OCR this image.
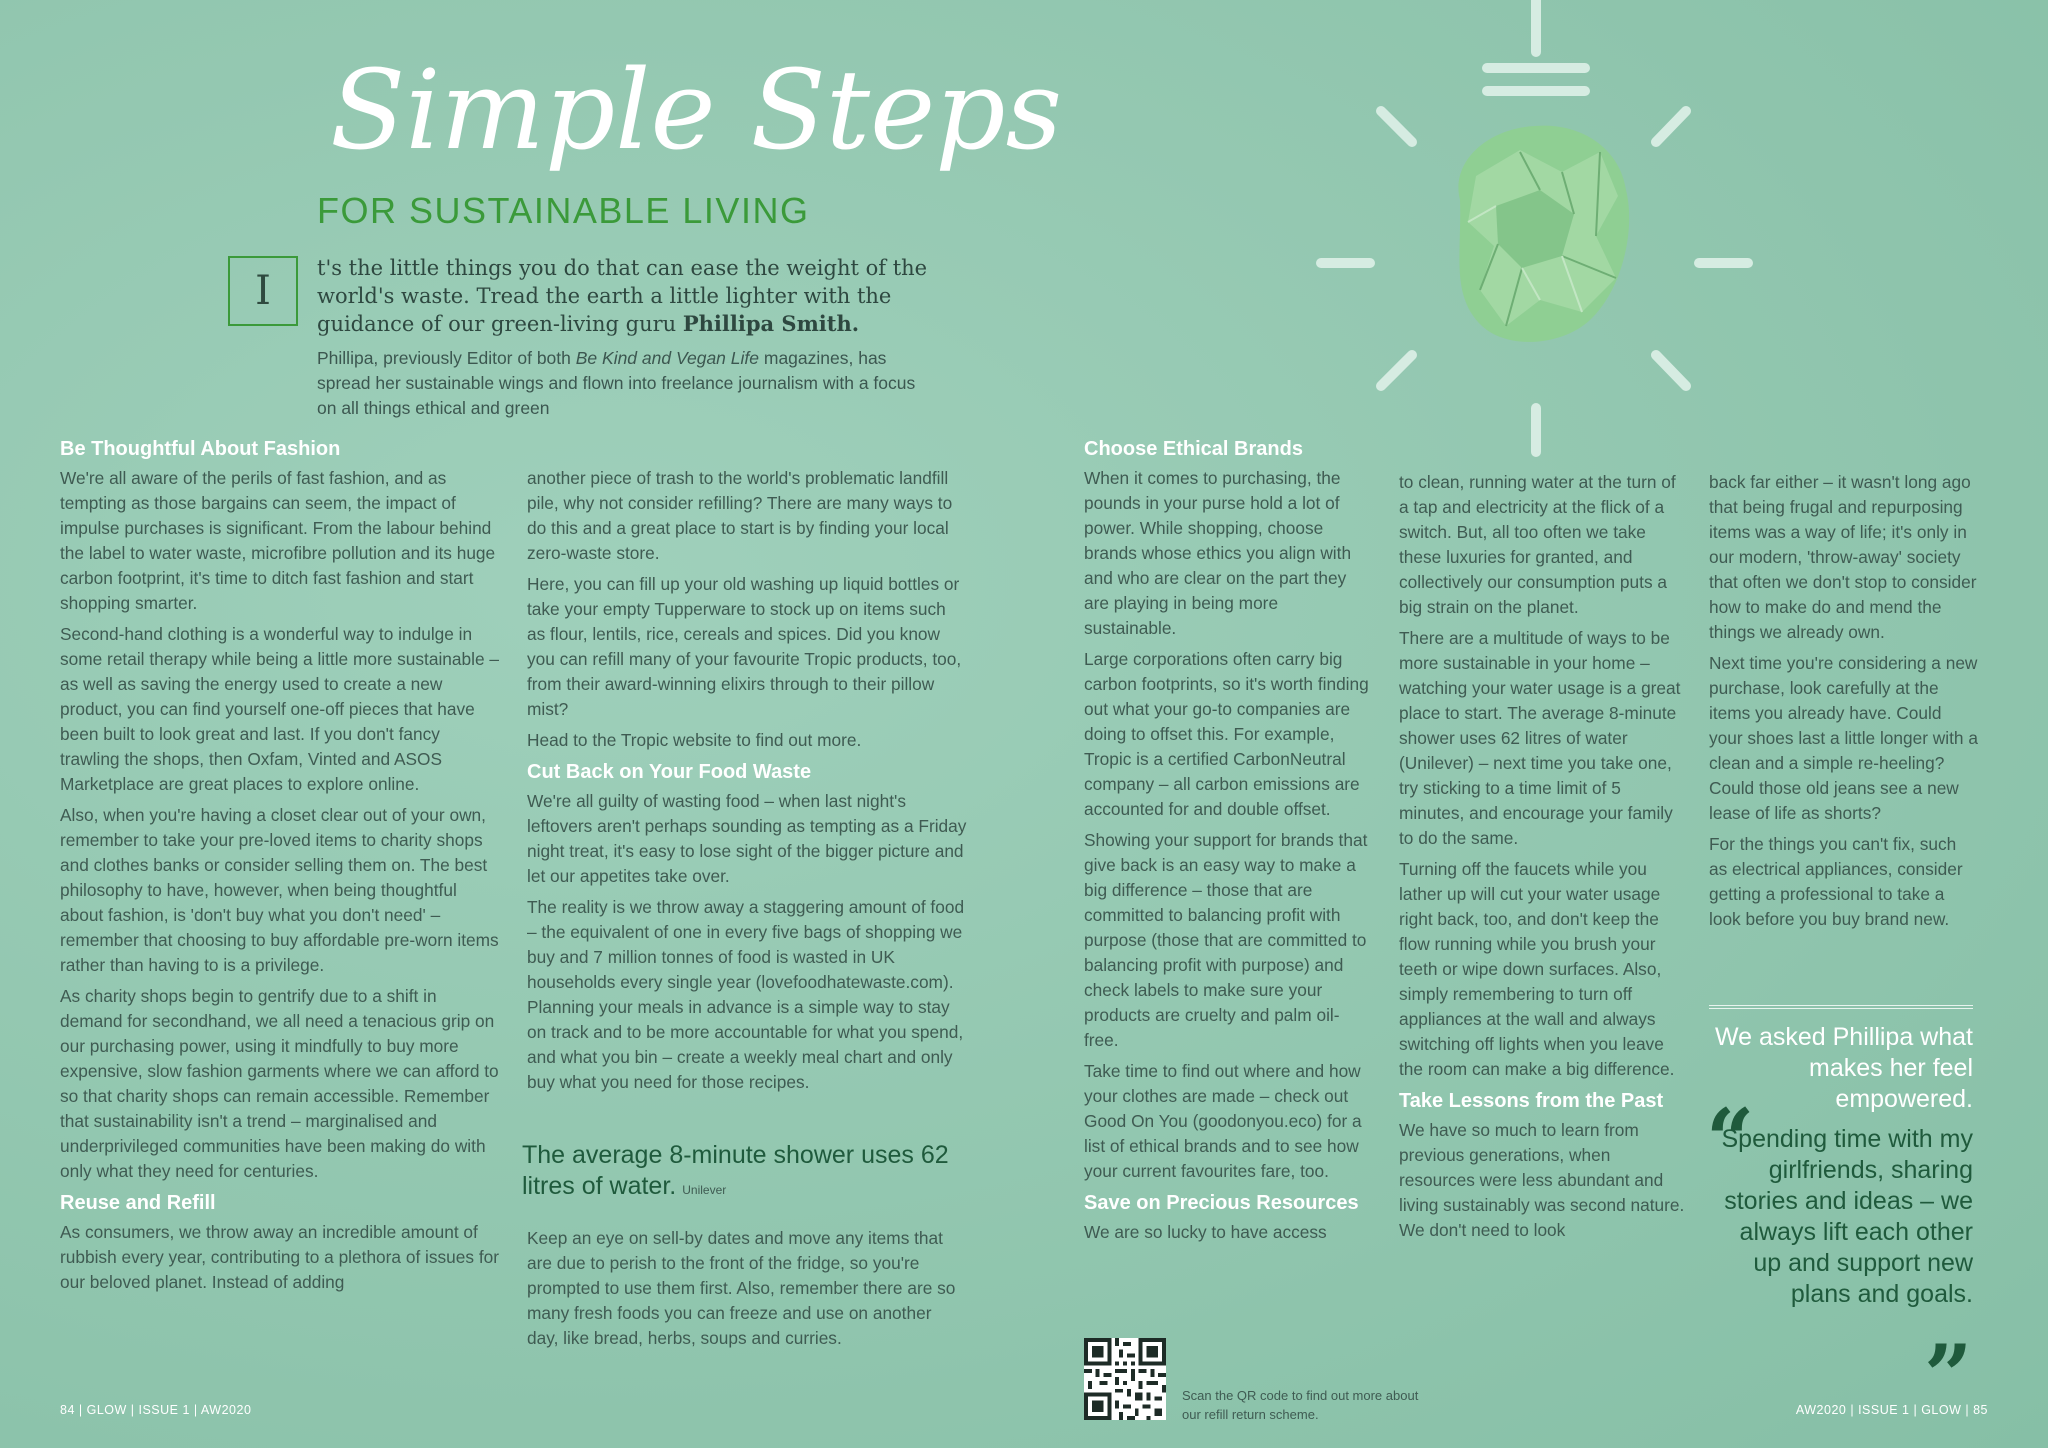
Simple Steps
FOR SUSTAINABLE LIVING
I	t's the little things you do that can ease the weight of the world's waste. Tread the earth a little lighter with the guidance of our green-living guru Phillipa Smith.
Phillipa, previously Editor of both Be Kind and Vegan Life magazines, has spread her sustainable wings and flown into freelance journalism with a focus on all things ethical and green
Be Thoughtful About Fashion

We're all aware of the perils of fast fashion, and as tempting as those bargains can seem, the impact of impulse purchases is significant. From the labour behind the label to water waste, microfibre pollution and its huge carbon footprint, it's time to ditch fast fashion and start shopping smarter.

Second-hand clothing is a wonderful way to indulge in some retail therapy while being a little more sustainable – as well as saving the energy used to create a new product, you can find yourself one-off pieces that have been built to look great and last. If you don't fancy trawling the shops, then Oxfam, Vinted and ASOS Marketplace are great places to explore online.

Also, when you're having a closet clear out of your own, remember to take your pre-loved items to charity shops and clothes banks or consider selling them on. The best philosophy to have, however, when being thoughtful about fashion, is 'don't buy what you don't need' – remember that choosing to buy affordable pre-worn items rather than having to is a privilege.

As charity shops begin to gentrify due to a shift in demand for secondhand, we all need a tenacious grip on our purchasing power, using it mindfully to buy more expensive, slow fashion garments where we can afford to so that charity shops can remain accessible. Remember that sustainability isn't a trend – marginalised and underprivileged communities have been making do with only what they need for centuries.

Reuse and Refill

As consumers, we throw away an incredible amount of rubbish every year, contributing to a plethora of issues for our beloved planet. Instead of adding

another piece of trash to the world's problematic landfill pile, why not consider refilling? There are many ways to do this and a great place to start is by finding your local zero-waste store.

Here, you can fill up your old washing up liquid bottles or take your empty Tupperware to stock up on items such as flour, lentils, rice, cereals and spices. Did you know you can refill many of your favourite Tropic products, too, from their award-winning elixirs through to their pillow mist?

Head to the Tropic website to find out more.

Cut Back on Your Food Waste

We're all guilty of wasting food – when last night's leftovers aren't perhaps sounding as tempting as a Friday night treat, it's easy to lose sight of the bigger picture and let our appetites take over.

The reality is we throw away a staggering amount of food – the equivalent of one in every five bags of shopping we buy and 7 million tonnes of food is wasted in UK households every single year (lovefoodhatewaste.com). Planning your meals in advance is a simple way to stay on track and to be more accountable for what you spend, and what you bin – create a weekly meal chart and only buy what you need for those recipes.

The average 8-minute shower uses 62 litres of water. Unilever

Keep an eye on sell-by dates and move any items that are due to perish to the front of the fridge, so you're prompted to use them first. Also, remember there are so many fresh foods you can freeze and use on another day, like bread, herbs, soups and curries.

Choose Ethical Brands

When it comes to purchasing, the pounds in your purse hold a lot of power. While shopping, choose brands whose ethics you align with and who are clear on the part they are playing in being more sustainable.

Large corporations often carry big carbon footprints, so it's worth finding out what your go-to companies are doing to offset this. For example, Tropic is a certified CarbonNeutral company – all carbon emissions are accounted for and double offset.

Showing your support for brands that give back is an easy way to make a big difference – those that are committed to balancing profit with purpose (those that are committed to balancing profit with purpose) and check labels to make sure your products are cruelty and palm oil-free.

Take time to find out where and how your clothes are made – check out Good On You (goodonyou.eco) for a list of ethical brands and to see how your current favourites fare, too.

Save on Precious Resources

We are so lucky to have access

Scan the QR code to find out more about our refill return scheme.

to clean, running water at the turn of a tap and electricity at the flick of a switch. But, all too often we take these luxuries for granted, and collectively our consumption puts a big strain on the planet.

There are a multitude of ways to be more sustainable in your home – watching your water usage is a great place to start. The average 8-minute shower uses 62 litres of water (Unilever) – next time you take one, try sticking to a time limit of 5 minutes, and encourage your family to do the same.

Turning off the faucets while you lather up will cut your water usage right back, too, and don't keep the flow running while you brush your teeth or wipe down surfaces. Also, simply remembering to turn off appliances at the wall and always switching off lights when you leave the room can make a big difference.

Take Lessons from the Past

We have so much to learn from previous generations, when resources were less abundant and living sustainably was second nature. We don't need to look

back far either – it wasn't long ago that being frugal and repurposing items was a way of life; it's only in our modern, 'throw-away' society that often we don't stop to consider how to make do and mend the things we already own.

Next time you're considering a new purchase, look carefully at the items you already have. Could your shoes last a little longer with a clean and a simple re-heeling? Could those old jeans see a new lease of life as shorts?

For the things you can't fix, such as electrical appliances, consider getting a professional to take a look before you buy brand new.

We asked Phillipa what makes her feel empowered.
“
Spending time with my girlfriends, sharing stories and ideas – we always lift each other up and support new plans and goals.
”
84 | GLOW | ISSUE 1 | AW2020	AW2020 | ISSUE 1 | GLOW | 85
